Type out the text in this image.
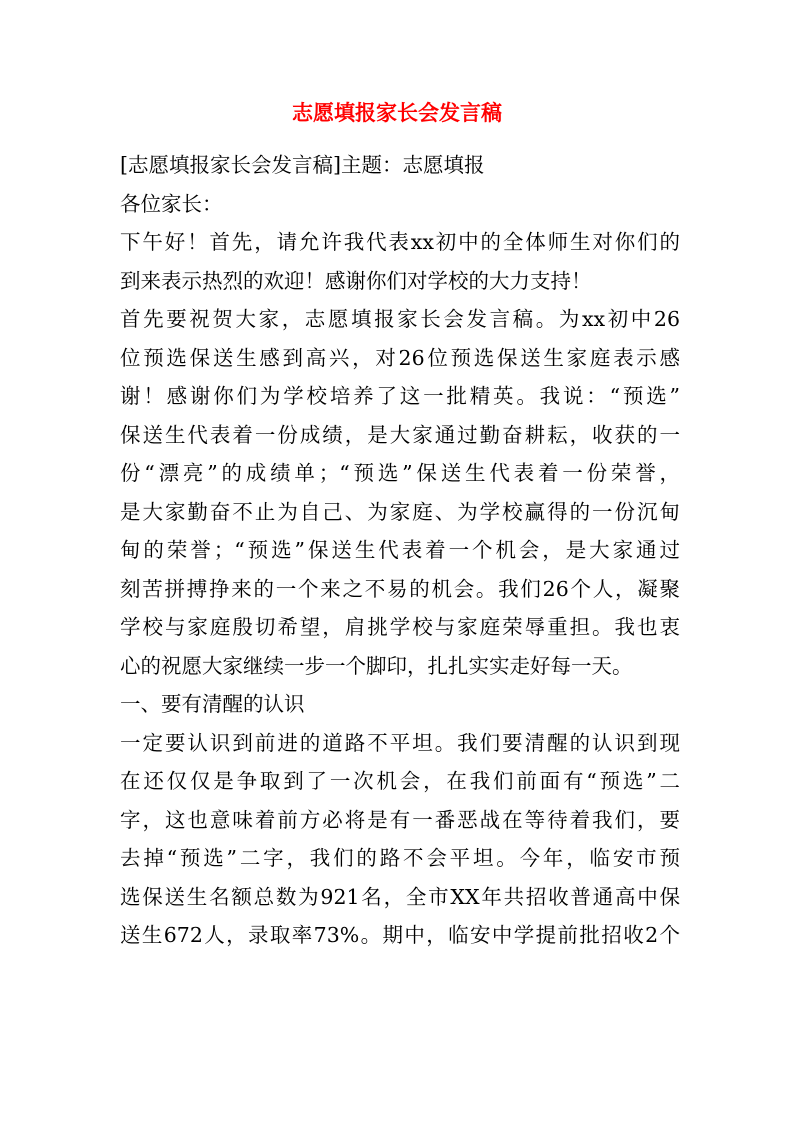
志愿填报家长会发言稿
[志愿填报家长会发言稿]主题：志愿填报
各位家长：
下午好！首先，请允许我代表xx初中的全体师生对你们的
到来表示热烈的欢迎！感谢你们对学校的大力支持！
首先要祝贺大家，志愿填报家长会发言稿。为xx初中26
位预选保送生感到高兴，对26位预选保送生家庭表示感
谢！感谢你们为学校培养了这一批精英。我说：“预选”
保送生代表着一份成绩，是大家通过勤奋耕耘，收获的一
份“漂亮”的成绩单；“预选”保送生代表着一份荣誉，
是大家勤奋不止为自己、为家庭、为学校赢得的一份沉甸
甸的荣誉；“预选”保送生代表着一个机会，是大家通过
刻苦拼搏挣来的一个来之不易的机会。我们26个人，凝聚
学校与家庭殷切希望，肩挑学校与家庭荣辱重担。我也衷
心的祝愿大家继续一步一个脚印，扎扎实实走好每一天。
一、要有清醒的认识
一定要认识到前进的道路不平坦。我们要清醒的认识到现
在还仅仅是争取到了一次机会，在我们前面有“预选”二
字，这也意味着前方必将是有一番恶战在等待着我们，要
去掉“预选”二字，我们的路不会平坦。今年，临安市预
选保送生名额总数为921名，全市XX年共招收普通高中保
送生672人，录取率73%。期中，临安中学提前批招收2个
